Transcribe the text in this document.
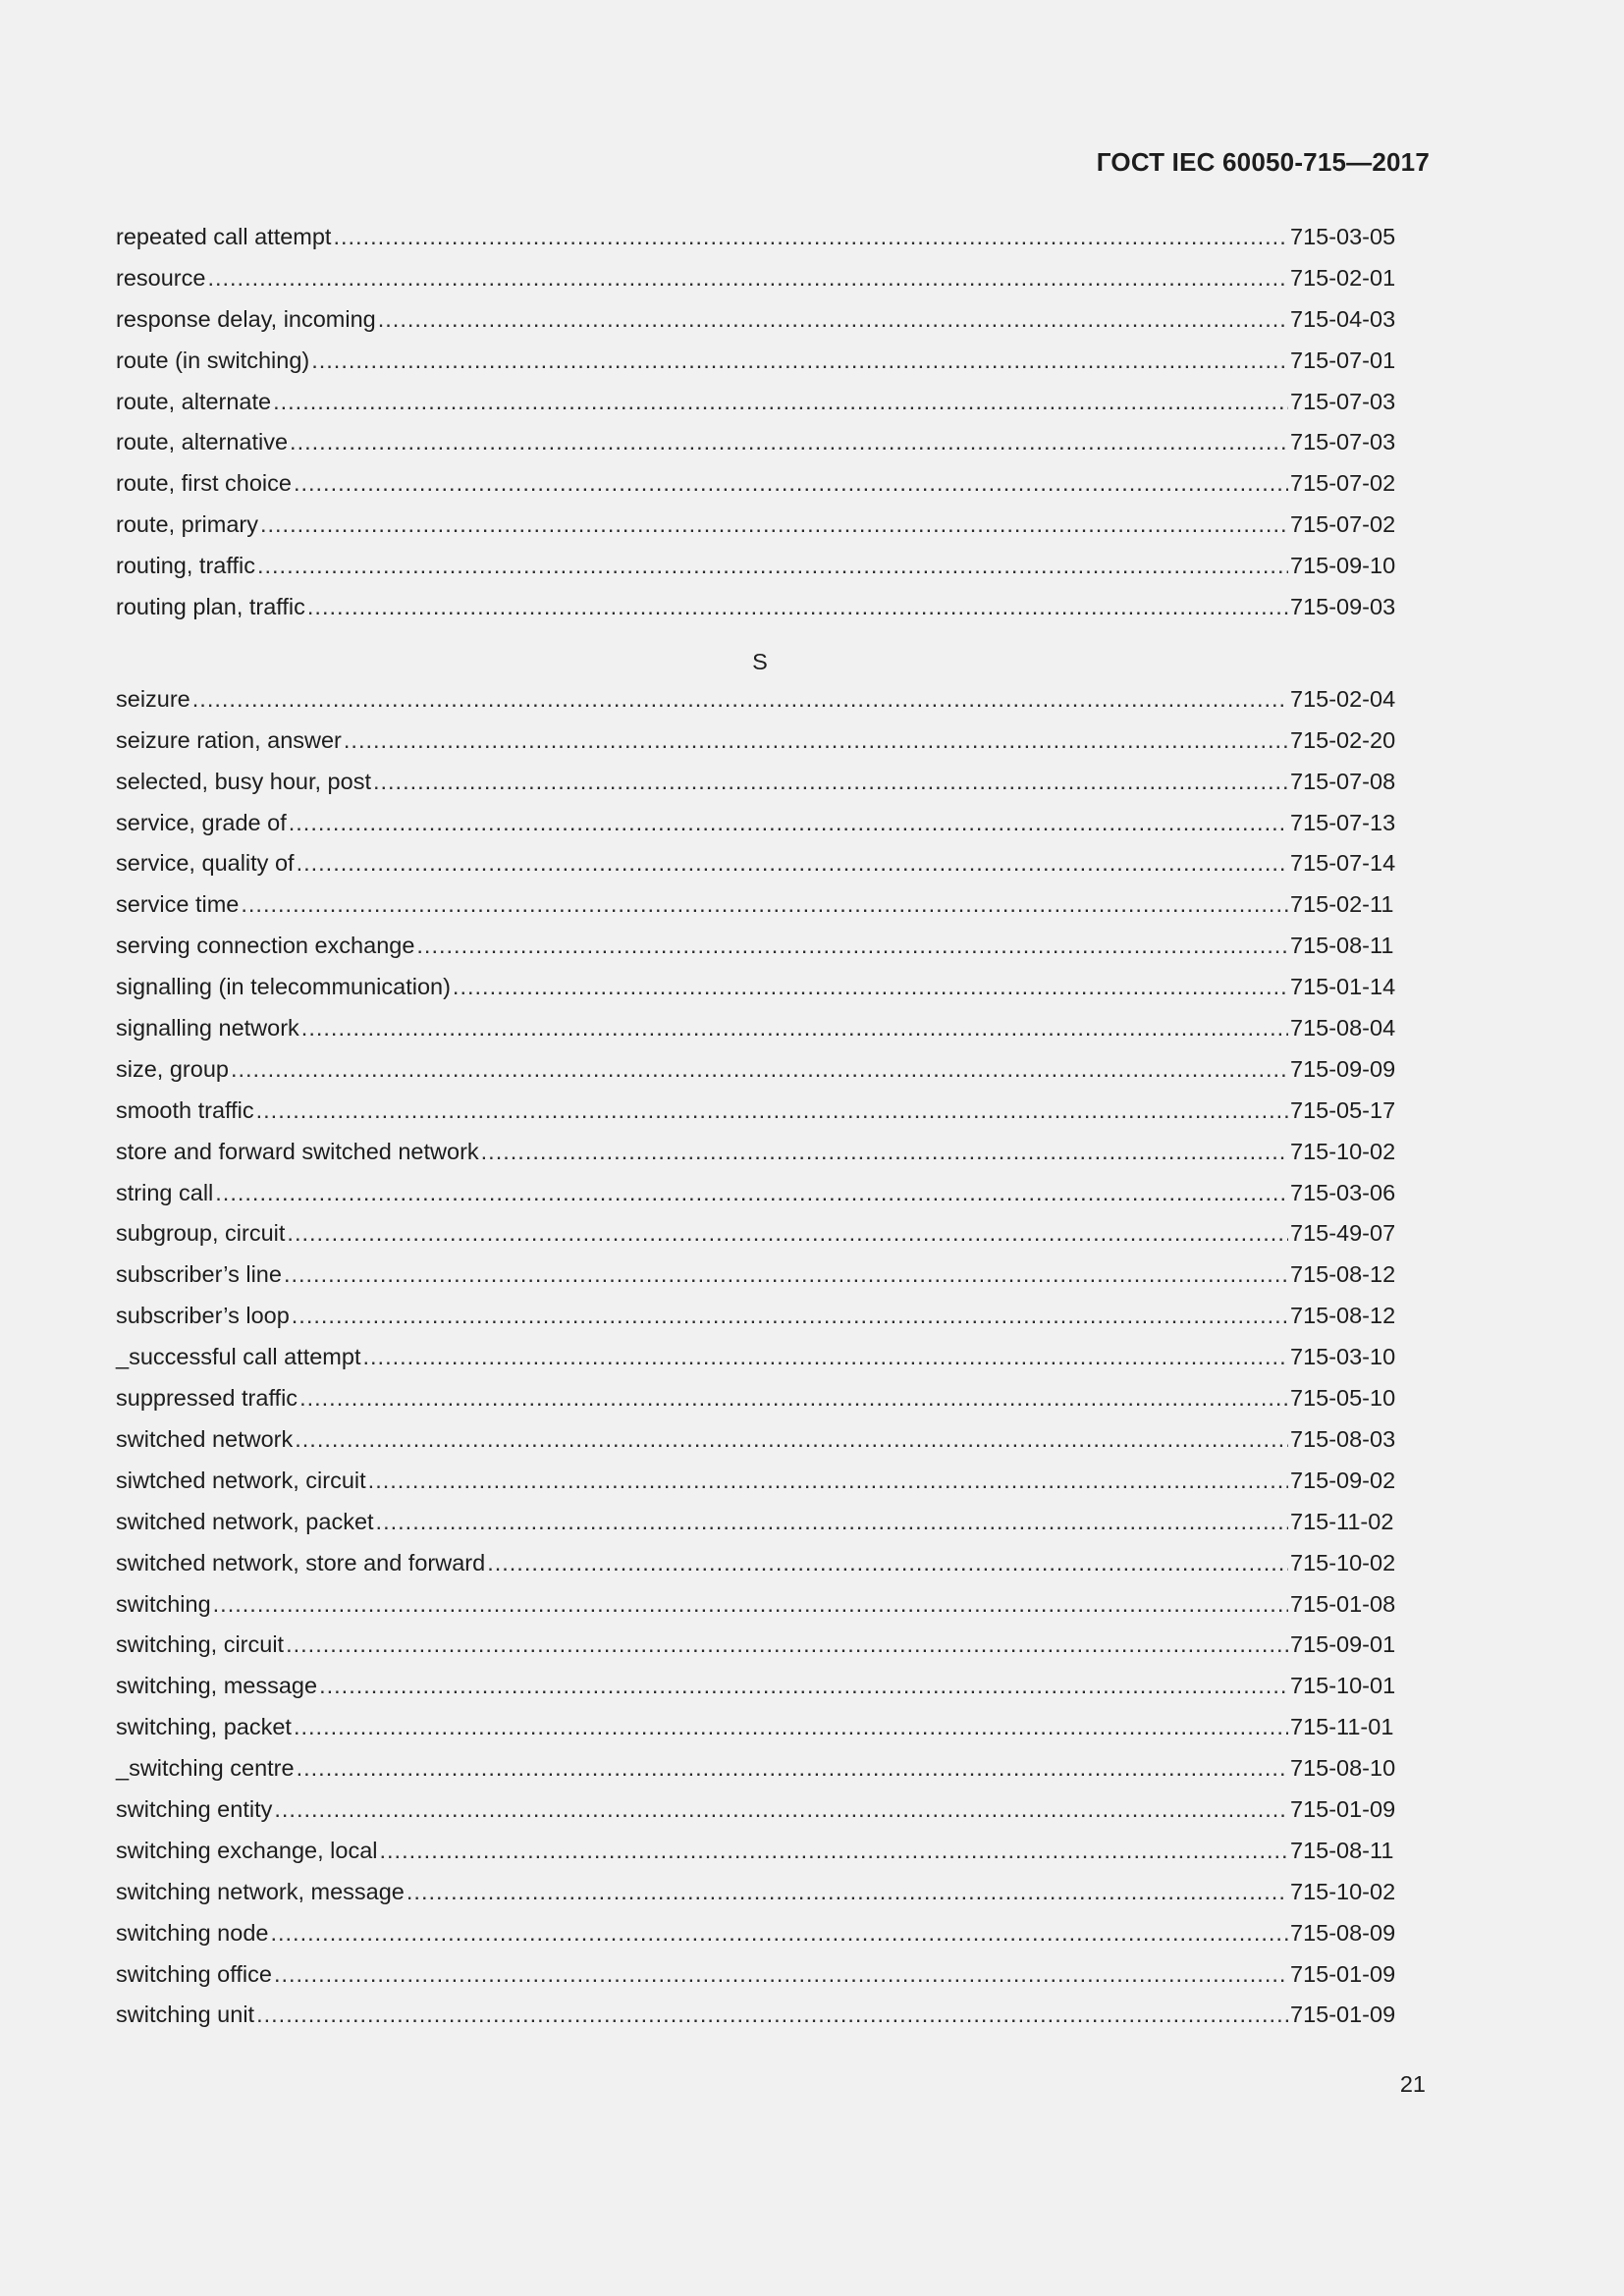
ГОСТ IEC 60050-715—2017
repeated call attempt .....	715-03-05
resource .....	715-02-01
response delay, incoming .....	715-04-03
route (in switching) .....	715-07-01
route, alternate .....	715-07-03
route, alternative .....	715-07-03
route, first choice .....	715-07-02
route, primary .....	715-07-02
routing, traffic .....	715-09-10
routing plan, traffic .....	715-09-03
S
seizure .....	715-02-04
seizure ration, answer .....	715-02-20
selected, busy hour, post .....	715-07-08
service, grade of .....	715-07-13
service, quality of .....	715-07-14
service time .....	715-02-11
serving connection exchange .....	715-08-11
signalling (in telecommunication) .....	715-01-14
signalling network .....	715-08-04
size, group .....	715-09-09
smooth traffic .....	715-05-17
store and forward switched network .....	715-10-02
string call .....	715-03-06
subgroup, circuit .....	715-49-07
subscriber’s line .....	715-08-12
subscriber’s loop .....	715-08-12
_successful call attempt .....	715-03-10
suppressed traffic .....	715-05-10
switched network .....	715-08-03
siwtched network, circuit .....	715-09-02
switched network, packet .....	715-11-02
switched network, store and forward .....	715-10-02
switching .....	715-01-08
switching, circuit .....	715-09-01
switching, message .....	715-10-01
switching, packet .....	715-11-01
_switching centre .....	715-08-10
switching entity .....	715-01-09
switching exchange, local .....	715-08-11
switching network, message .....	715-10-02
switching node .....	715-08-09
switching office .....	715-01-09
switching unit .....	715-01-09
21
